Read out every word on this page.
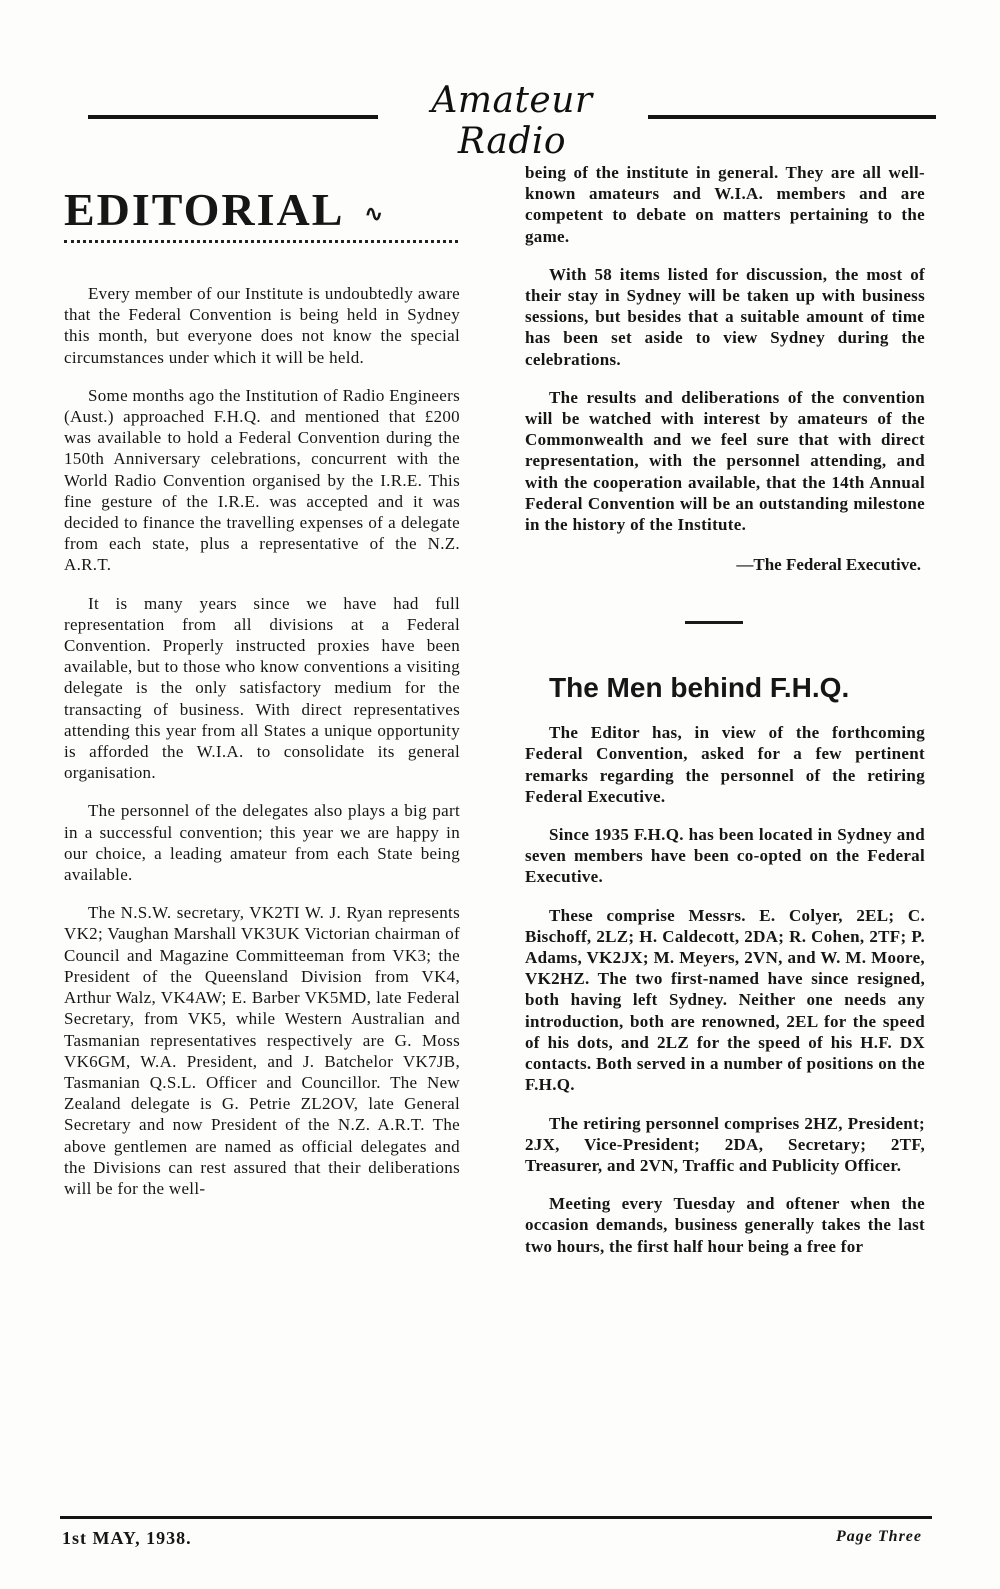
Amateur Radio
EDITORIAL ∿

Every member of our Institute is undoubtedly aware that the Federal Convention is being held in Sydney this month, but everyone does not know the special circumstances under which it will be held.

Some months ago the Institution of Radio Engineers (Aust.) approached F.H.Q. and mentioned that £200 was available to hold a Federal Convention during the 150th Anniversary celebrations, concurrent with the World Radio Convention organised by the I.R.E. This fine gesture of the I.R.E. was accepted and it was decided to finance the travelling expenses of a delegate from each state, plus a representative of the N.Z. A.R.T.

It is many years since we have had full representation from all divisions at a Federal Convention. Properly instructed proxies have been available, but to those who know conventions a visiting delegate is the only satisfactory medium for the transacting of business. With direct representatives attending this year from all States a unique opportunity is afforded the W.I.A. to consolidate its general organisation.

The personnel of the delegates also plays a big part in a successful convention; this year we are happy in our choice, a leading amateur from each State being available.

The N.S.W. secretary, VK2TI W. J. Ryan represents VK2; Vaughan Marshall VK3UK Victorian chairman of Council and Magazine Committeeman from VK3; the President of the Queensland Division from VK4, Arthur Walz, VK4AW; E. Barber VK5MD, late Federal Secretary, from VK5, while Western Australian and Tasmanian representatives respectively are G. Moss VK6GM, W.A. President, and J. Batchelor VK7JB, Tasmanian Q.S.L. Officer and Councillor. The New Zealand delegate is G. Petrie ZL2OV, late General Secretary and now President of the N.Z. A.R.T. The above gentlemen are named as official delegates and the Divisions can rest assured that their deliberations will be for the well-

being of the institute in general. They are all well-known amateurs and W.I.A. members and are competent to debate on matters pertaining to the game.

With 58 items listed for discussion, the most of their stay in Sydney will be taken up with business sessions, but besides that a suitable amount of time has been set aside to view Sydney during the celebrations.

The results and deliberations of the convention will be watched with interest by amateurs of the Commonwealth and we feel sure that with direct representation, with the personnel attending, and with the cooperation available, that the 14th Annual Federal Convention will be an outstanding milestone in the history of the Institute.

—The Federal Executive.
The Men behind F.H.Q.

The Editor has, in view of the forthcoming Federal Convention, asked for a few pertinent remarks regarding the personnel of the retiring Federal Executive.

Since 1935 F.H.Q. has been located in Sydney and seven members have been co-opted on the Federal Executive.

These comprise Messrs. E. Colyer, 2EL; C. Bischoff, 2LZ; H. Caldecott, 2DA; R. Cohen, 2TF; P. Adams, VK2JX; M. Meyers, 2VN, and W. M. Moore, VK2HZ. The two first-named have since resigned, both having left Sydney. Neither one needs any introduction, both are renowned, 2EL for the speed of his dots, and 2LZ for the speed of his H.F. DX contacts. Both served in a number of positions on the F.H.Q.

The retiring personnel comprises 2HZ, President; 2JX, Vice-President; 2DA, Secretary; 2TF, Treasurer, and 2VN, Traffic and Publicity Officer.

Meeting every Tuesday and oftener when the occasion demands, business generally takes the last two hours, the first half hour being a free for

1st MAY, 1938.	Page Three
